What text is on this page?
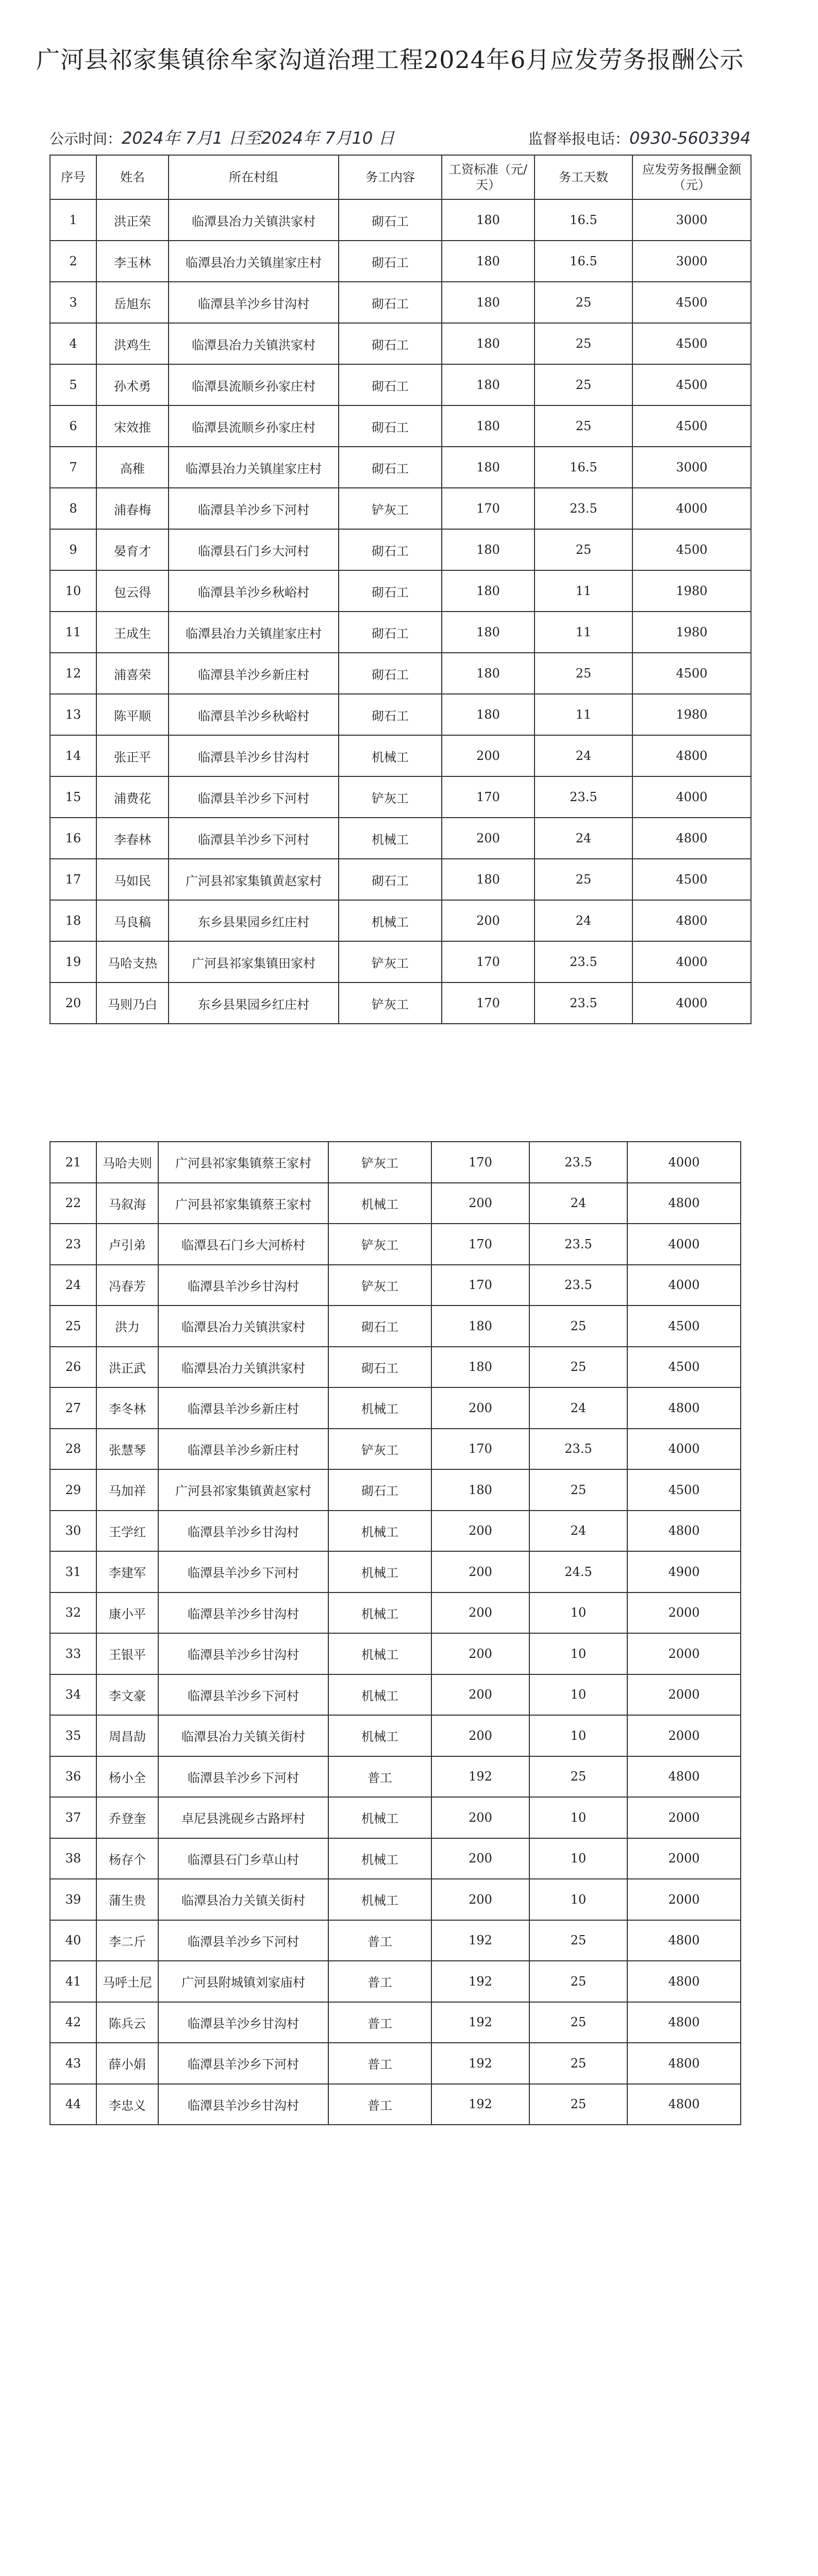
广河县祁家集镇徐牟家沟道治理工程2024年6月应发劳务报酬公示
公示时间：2024年 7月1 日至2024年 7月10 日	监督举报电话：0930-5603394
序号	姓名	所在村组	务工内容	工资标准（元/天）	务工天数	应发劳务报酬金额（元）
1	洪正荣	临潭县冶力关镇洪家村	砌石工	180	16.5	3000
2	李玉林	临潭县冶力关镇崖家庄村	砌石工	180	16.5	3000
3	岳旭东	临潭县羊沙乡甘沟村	砌石工	180	25	4500
4	洪鸡生	临潭县冶力关镇洪家村	砌石工	180	25	4500
5	孙术勇	临潭县流顺乡孙家庄村	砌石工	180	25	4500
6	宋效推	临潭县流顺乡孙家庄村	砌石工	180	25	4500
7	高稚	临潭县冶力关镇崖家庄村	砌石工	180	16.5	3000
8	浦春梅	临潭县羊沙乡下河村	铲灰工	170	23.5	4000
9	晏育才	临潭县石门乡大河村	砌石工	180	25	4500
10	包云得	临潭县羊沙乡秋峪村	砌石工	180	11	1980
11	王成生	临潭县冶力关镇崖家庄村	砌石工	180	11	1980
12	浦喜荣	临潭县羊沙乡新庄村	砌石工	180	25	4500
13	陈平顺	临潭县羊沙乡秋峪村	砌石工	180	11	1980
14	张正平	临潭县羊沙乡甘沟村	机械工	200	24	4800
15	浦费花	临潭县羊沙乡下河村	铲灰工	170	23.5	4000
16	李春林	临潭县羊沙乡下河村	机械工	200	24	4800
17	马如民	广河县祁家集镇黄赵家村	砌石工	180	25	4500
18	马良稿	东乡县果园乡红庄村	机械工	200	24	4800
19	马哈支热	广河县祁家集镇田家村	铲灰工	170	23.5	4000
20	马则乃白	东乡县果园乡红庄村	铲灰工	170	23.5	4000
21	马哈夫则	广河县祁家集镇蔡王家村	铲灰工	170	23.5	4000
22	马叙海	广河县祁家集镇蔡王家村	机械工	200	24	4800
23	卢引弟	临潭县石门乡大河桥村	铲灰工	170	23.5	4000
24	冯春芳	临潭县羊沙乡甘沟村	铲灰工	170	23.5	4000
25	洪力	临潭县冶力关镇洪家村	砌石工	180	25	4500
26	洪正武	临潭县冶力关镇洪家村	砌石工	180	25	4500
27	李冬林	临潭县羊沙乡新庄村	机械工	200	24	4800
28	张慧琴	临潭县羊沙乡新庄村	铲灰工	170	23.5	4000
29	马加祥	广河县祁家集镇黄赵家村	砌石工	180	25	4500
30	王学红	临潭县羊沙乡甘沟村	机械工	200	24	4800
31	李建军	临潭县羊沙乡下河村	机械工	200	24.5	4900
32	康小平	临潭县羊沙乡甘沟村	机械工	200	10	2000
33	王银平	临潭县羊沙乡甘沟村	机械工	200	10	2000
34	李文豪	临潭县羊沙乡下河村	机械工	200	10	2000
35	周昌劼	临潭县冶力关镇关街村	机械工	200	10	2000
36	杨小全	临潭县羊沙乡下河村	普工	192	25	4800
37	乔登奎	卓尼县洮砚乡古路坪村	机械工	200	10	2000
38	杨存个	临潭县石门乡草山村	机械工	200	10	2000
39	蒲生贵	临潭县冶力关镇关街村	机械工	200	10	2000
40	李二斤	临潭县羊沙乡下河村	普工	192	25	4800
41	马呼土尼	广河县附城镇刘家庙村	普工	192	25	4800
42	陈兵云	临潭县羊沙乡甘沟村	普工	192	25	4800
43	薛小娟	临潭县羊沙乡下河村	普工	192	25	4800
44	李忠义	临潭县羊沙乡甘沟村	普工	192	25	4800
